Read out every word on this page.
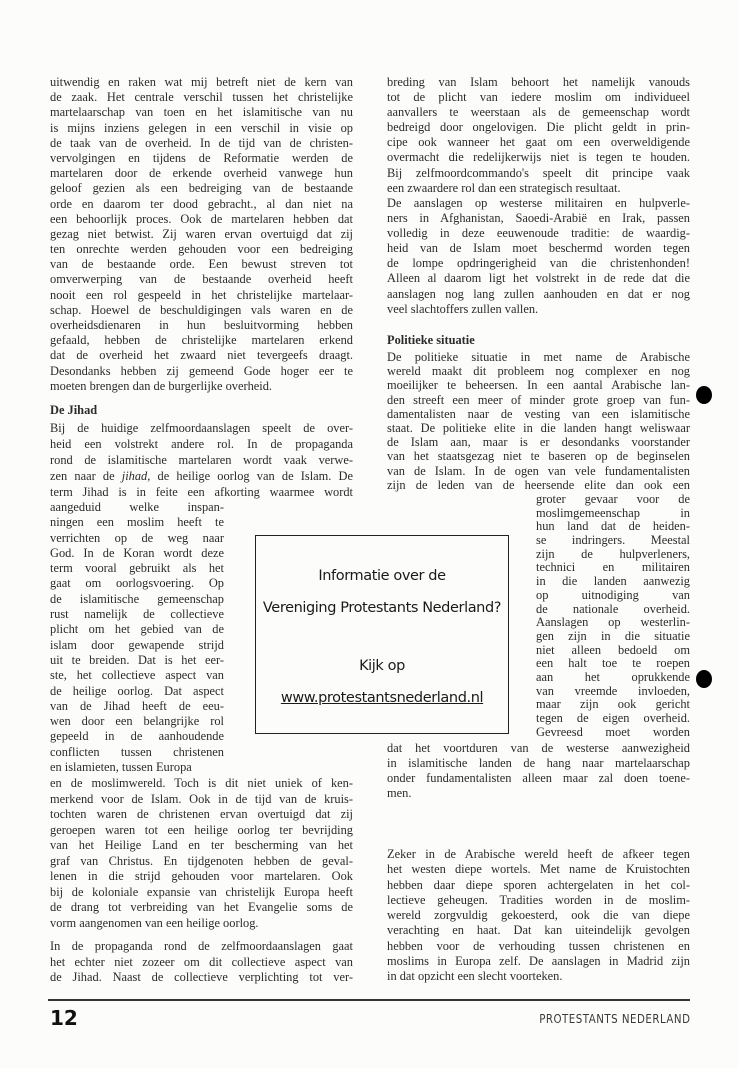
uitwendig en raken wat mij betreft niet de kern van
de zaak. Het centrale verschil tussen het christelijke
martelaarschap van toen en het islamitische van nu
is mijns inziens gelegen in een verschil in visie op
de taak van de overheid. In de tijd van de christen-
vervolgingen en tijdens de Reformatie werden de
martelaren door de erkende overheid vanwege hun
geloof gezien als een bedreiging van de bestaande
orde en daarom ter dood gebracht., al dan niet na
een behoorlijk proces. Ook de martelaren hebben dat
gezag niet betwist. Zij waren ervan overtuigd dat zij
ten onrechte werden gehouden voor een bedreiging
van de bestaande orde. Een bewust streven tot
omverwerping van de bestaande overheid heeft
nooit een rol gespeeld in het christelijke martelaar-
schap. Hoewel de beschuldigingen vals waren en de
overheidsdienaren in hun besluitvorming hebben
gefaald, hebben de christelijke martelaren erkend
dat de overheid het zwaard niet tevergeefs draagt.
Desondanks hebben zij gemeend Gode hoger eer te
moeten brengen dan de burgerlijke overheid.
De Jihad
Bij de huidige zelfmoordaanslagen speelt de over-
heid een volstrekt andere rol. In de propaganda
rond de islamitische martelaren wordt vaak verwe-
zen naar de jihad, de heilige oorlog van de Islam. De
term Jihad is in feite een afkorting waarmee wordt
aangeduid welke inspan-
ningen een moslim heeft te
verrichten op de weg naar
God. In de Koran wordt deze
term vooral gebruikt als het
gaat om oorlogsvoering. Op
de islamitische gemeenschap
rust namelijk de collectieve
plicht om het gebied van de
islam door gewapende strijd
uit te breiden. Dat is het eer-
ste, het collectieve aspect van
de heilige oorlog. Dat aspect
van de Jihad heeft de eeu-
wen door een belangrijke rol
gepeeld in de aanhoudende
conflicten tussen christenen
en islamieten, tussen Europa
en de moslimwereld. Toch is dit niet uniek of ken-
merkend voor de Islam. Ook in de tijd van de kruis-
tochten waren de christenen ervan overtuigd dat zij
geroepen waren tot een heilige oorlog ter bevrijding
van het Heilige Land en ter bescherming van het
graf van Christus. En tijdgenoten hebben de geval-
lenen in die strijd gehouden voor martelaren. Ook
bij de koloniale expansie van christelijk Europa heeft
de drang tot verbreiding van het Evangelie soms de
vorm aangenomen van een heilige oorlog.
In de propaganda rond de zelfmoordaanslagen gaat
het echter niet zozeer om dit collectieve aspect van
de Jihad. Naast de collectieve verplichting tot ver-
breding van Islam behoort het namelijk vanouds
tot de plicht van iedere moslim om individueel
aanvallers te weerstaan als de gemeenschap wordt
bedreigd door ongelovigen. Die plicht geldt in prin-
cipe ook wanneer het gaat om een overweldigende
overmacht die redelijkerwijs niet is tegen te houden.
Bij zelfmoordcommando's speelt dit principe vaak
een zwaardere rol dan een strategisch resultaat.
De aanslagen op westerse militairen en hulpverle-
ners in Afghanistan, Saoedi-Arabië en Irak, passen
volledig in deze eeuwenoude traditie: de waardig-
heid van de Islam moet beschermd worden tegen
de lompe opdringerigheid van die christenhonden!
Alleen al daarom ligt het volstrekt in de rede dat die
aanslagen nog lang zullen aanhouden en dat er nog
veel slachtoffers zullen vallen.
Politieke situatie
De politieke situatie in met name de Arabische
wereld maakt dit probleem nog complexer en nog
moeilijker te beheersen. In een aantal Arabische lan-
den streeft een meer of minder grote groep van fun-
damentalisten naar de vesting van een islamitische
staat. De politieke elite in die landen hangt weliswaar
de Islam aan, maar is er desondanks voorstander
van het staatsgezag niet te baseren op de beginselen
van de Islam. In de ogen van vele fundamentalisten
zijn de leden van de heersende elite dan ook een
groter gevaar voor de
moslimgemeenschap in
hun land dat de heiden-
se indringers. Meestal
zijn de hulpverleners,
technici en militairen
in die landen aanwezig
op uitnodiging van
de nationale overheid.
Aanslagen op westerlin-
gen zijn in die situatie
niet alleen bedoeld om
een halt toe te roepen
aan het oprukkende
van vreemde invloeden,
maar zijn ook gericht
tegen de eigen overheid.
Gevreesd moet worden
dat het voortduren van de westerse aanwezigheid
in islamitische landen de hang naar martelaarschap
onder fundamentalisten alleen maar zal doen toene-
men.
Zeker in de Arabische wereld heeft de afkeer tegen
het westen diepe wortels. Met name de Kruistochten
hebben daar diepe sporen achtergelaten in het col-
lectieve geheugen. Tradities worden in de moslim-
wereld zorgvuldig gekoesterd, ook die van diepe
verachting en haat. Dat kan uiteindelijk gevolgen
hebben voor de verhouding tussen christenen en
moslims in Europa zelf. De aanslagen in Madrid zijn
in dat opzicht een slecht voorteken.
Informatie over de
Vereniging Protestants Nederland?
Kijk op
www.protestantsnederland.nl
12	PROTESTANTS NEDERLAND
